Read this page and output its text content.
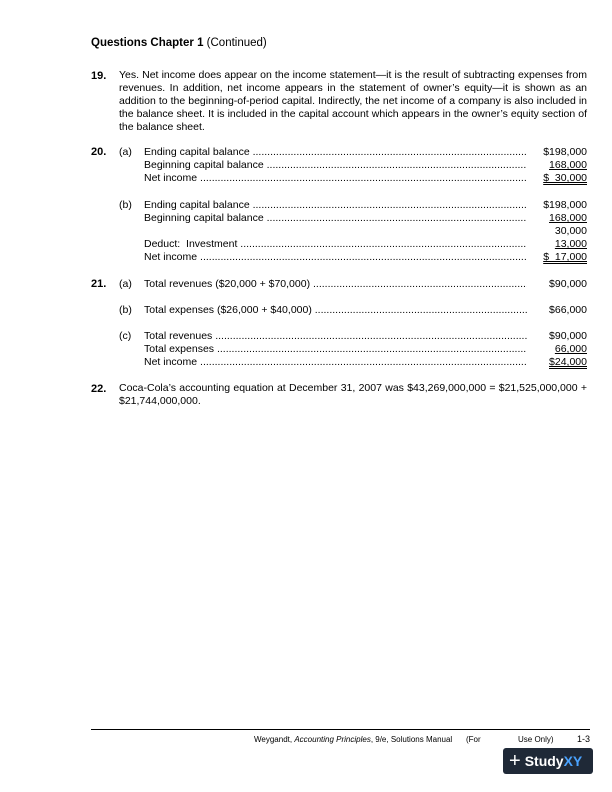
Questions Chapter 1 (Continued)
19. Yes. Net income does appear on the income statement—it is the result of subtracting expenses from revenues. In addition, net income appears in the statement of owner’s equity—it is shown as an addition to the beginning-of-period capital. Indirectly, the net income of a company is also included in the balance sheet. It is included in the capital account which appears in the owner’s equity section of the balance sheet.
20. (a) Ending capital balance .....	$198,000
Beginning capital balance .....	168,000
Net income .....	$  30,000
(b) Ending capital balance .....	$198,000
Beginning capital balance .....	168,000
30,000
Deduct:  Investment .....	13,000
Net income .....	$  17,000
21. (a) Total revenues ($20,000 + $70,000) .....	$90,000
(b) Total expenses ($26,000 + $40,000) .....	$66,000
(c) Total revenues .....	$90,000
Total expenses .....	66,000
Net income .....	$24,000
22. Coca-Cola’s accounting equation at December 31, 2007 was $43,269,000,000 = $21,525,000,000 + $21,744,000,000.
Weygandt, Accounting Principles, 9/e, Solutions Manual (For	Use Only)	1-3
+ StudyXY
